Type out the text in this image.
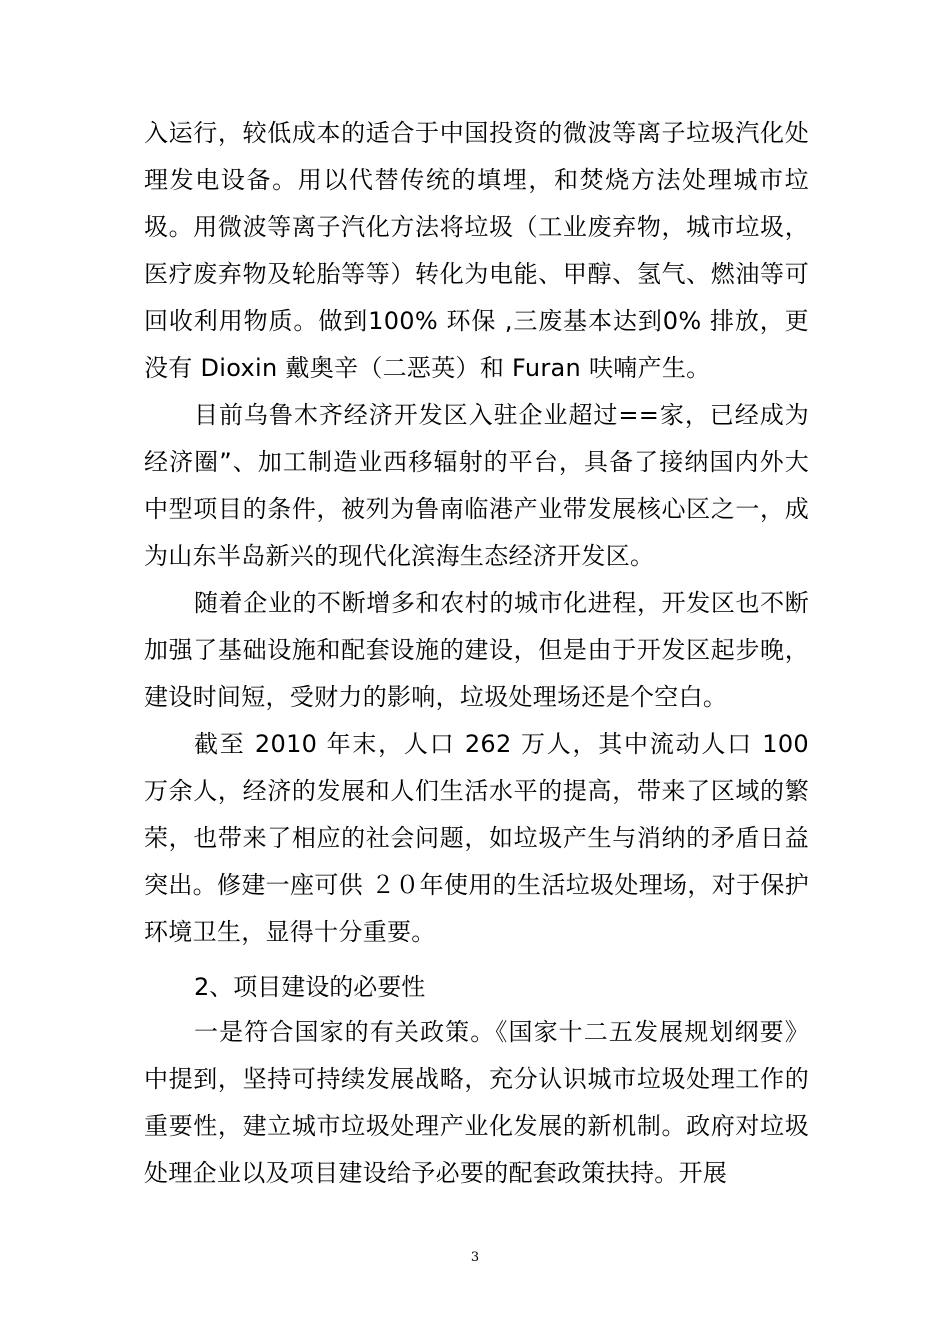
入运行，较低成本的适合于中国投资的微波等离子垃圾汽化处理发电设备。用以代替传统的填埋，和焚烧方法处理城市垃圾。用微波等离子汽化方法将垃圾（工业废弃物，城市垃圾，医疗废弃物及轮胎等等）转化为电能、甲醇、氢气、燃油等可回收利用物质。做到100% 环保 ,三废基本达到0% 排放，更没有 Dioxin 戴奥辛（二恶英）和 Furan 呋喃产生。

目前乌鲁木齐经济开发区入驻企业超过==家，已经成为经济圈”、加工制造业西移辐射的平台，具备了接纳国内外大中型项目的条件，被列为鲁南临港产业带发展核心区之一，成为山东半岛新兴的现代化滨海生态经济开发区。

随着企业的不断增多和农村的城市化进程，开发区也不断加强了基础设施和配套设施的建设，但是由于开发区起步晚，建设时间短，受财力的影响，垃圾处理场还是个空白。

截至 2010 年末，人口 262 万人，其中流动人口 100 万余人，经济的发展和人们生活水平的提高，带来了区域的繁荣，也带来了相应的社会问题，如垃圾产生与消纳的矛盾日益突出。修建一座可供 ２０年使用的生活垃圾处理场，对于保护环境卫生，显得十分重要。

2、项目建设的必要性

一是符合国家的有关政策。《国家十二五发展规划纲要》中提到，坚持可持续发展战略，充分认识城市垃圾处理工作的重要性，建立城市垃圾处理产业化发展的新机制。政府对垃圾处理企业以及项目建设给予必要的配套政策扶持。开展

3
